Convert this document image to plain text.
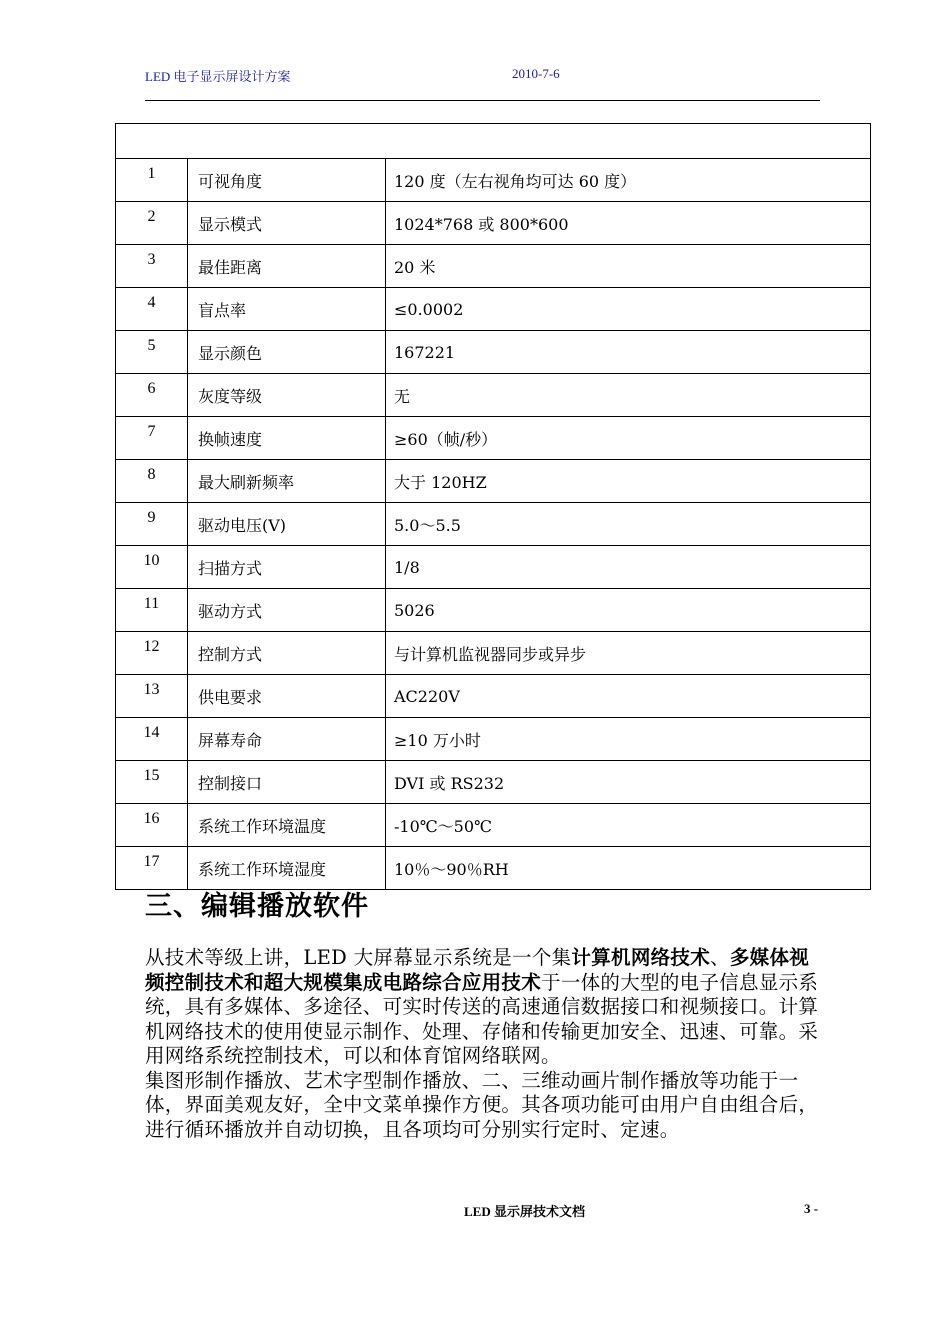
LED 电子显示屏设计方案	2010-7-6

1	可视角度	120 度（左右视角均可达 60 度）
2	显示模式	1024*768 或 800*600
3	最佳距离	20 米
4	盲点率	≤0.0002
5	显示颜色	167221
6	灰度等级	无
7	换帧速度	≥60（帧/秒）
8	最大刷新频率	大于 120HZ
9	驱动电压(V)	5.0～5.5
10	扫描方式	1/8
11	驱动方式	5026
12	控制方式	与计算机监视器同步或异步
13	供电要求	AC220V
14	屏幕寿命	≥10 万小时
15	控制接口	DVI 或 RS232
16	系统工作环境温度	-10℃～50℃
17	系统工作环境湿度	10％～90％RH
三、编辑播放软件

从技术等级上讲，LED 大屏幕显示系统是一个集计算机网络技术、多媒体视频控制技术和超大规模集成电路综合应用技术于一体的大型的电子信息显示系统，具有多媒体、多途径、可实时传送的高速通信数据接口和视频接口。计算机网络技术的使用使显示制作、处理、存储和传输更加安全、迅速、可靠。采用网络系统控制技术，可以和体育馆网络联网。

集图形制作播放、艺术字型制作播放、二、三维动画片制作播放等功能于一体，界面美观友好，全中文菜单操作方便。其各项功能可由用户自由组合后，进行循环播放并自动切换，且各项均可分别实行定时、定速。

LED 显示屏技术文档	3 -
